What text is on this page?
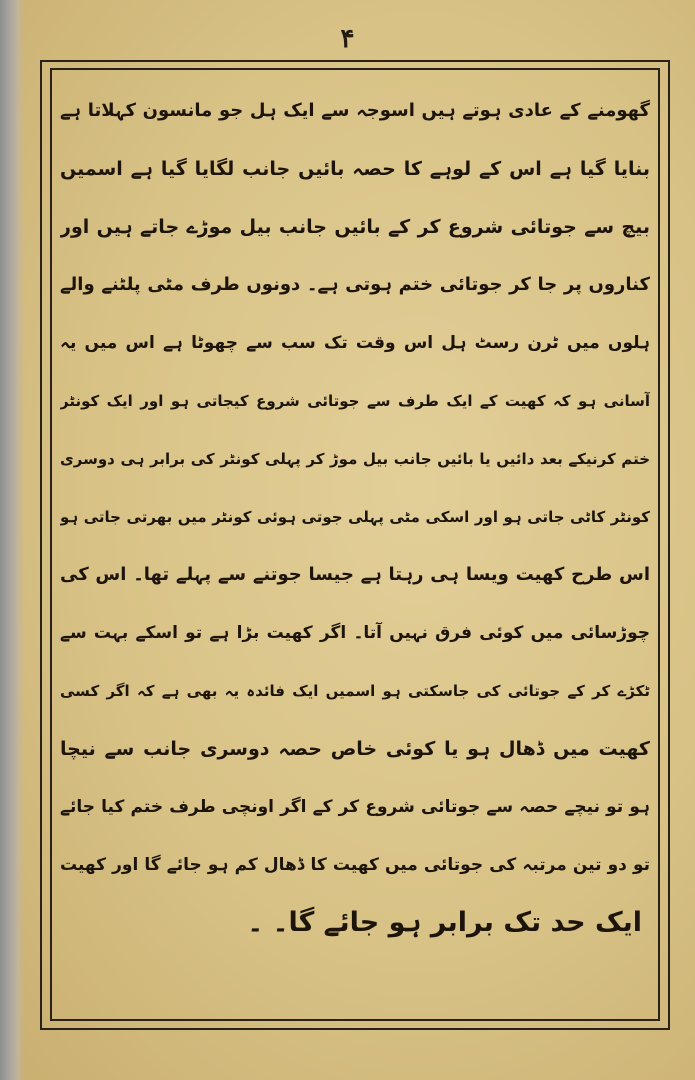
۴
گھومنے کے عادی ہوتے ہیں اسوجہ سے ایک ہل جو مانسون کہلاتا ہے
بنایا گیا ہے اس کے لوہے کا حصہ بائیں جانب لگایا گیا ہے اسمیں
بیچ سے جوتائی شروع کر کے بائیں جانب بیل موڑے جاتے ہیں اور
کناروں پر جا کر جوتائی ختم ہوتی ہے۔ دونوں طرف مٹی پلٹنے والے
ہلوں میں ٹرن رسٹ ہل اس وقت تک سب سے چھوٹا ہے اس میں یہ
آسانی ہو کہ کھیت کے ایک طرف سے جوتائی شروع کیجاتی ہو اور ایک کونٹر
ختم کرنیکے بعد دائیں یا بائیں جانب بیل موڑ کر پہلی کونٹر کی برابر ہی دوسری
کونٹر کاٹی جاتی ہو اور اسکی مٹی پہلی جوتی ہوئی کونٹر میں بھرتی جاتی ہو
اس طرح کھیت ویسا ہی رہتا ہے جیسا جوتنے سے پہلے تھا۔ اس کی
چوڑسائی میں کوئی فرق نہیں آتا۔ اگر کھیت بڑا ہے تو اسکے بہت سے
ٹکڑے کر کے جوتائی کی جاسکتی ہو اسمیں ایک فائدہ یہ بھی ہے کہ اگر کسی
کھیت میں ڈھال ہو یا کوئی خاص حصہ دوسری جانب سے نیچا
ہو تو نیچے حصہ سے جوتائی شروع کر کے اگر اونچی طرف ختم کیا جائے
تو دو تین مرتبہ کی جوتائی میں کھیت کا ڈھال کم ہو جائے گا اور کھیت
ایک حد تک برابر ہو جائے گا۔ ۔
